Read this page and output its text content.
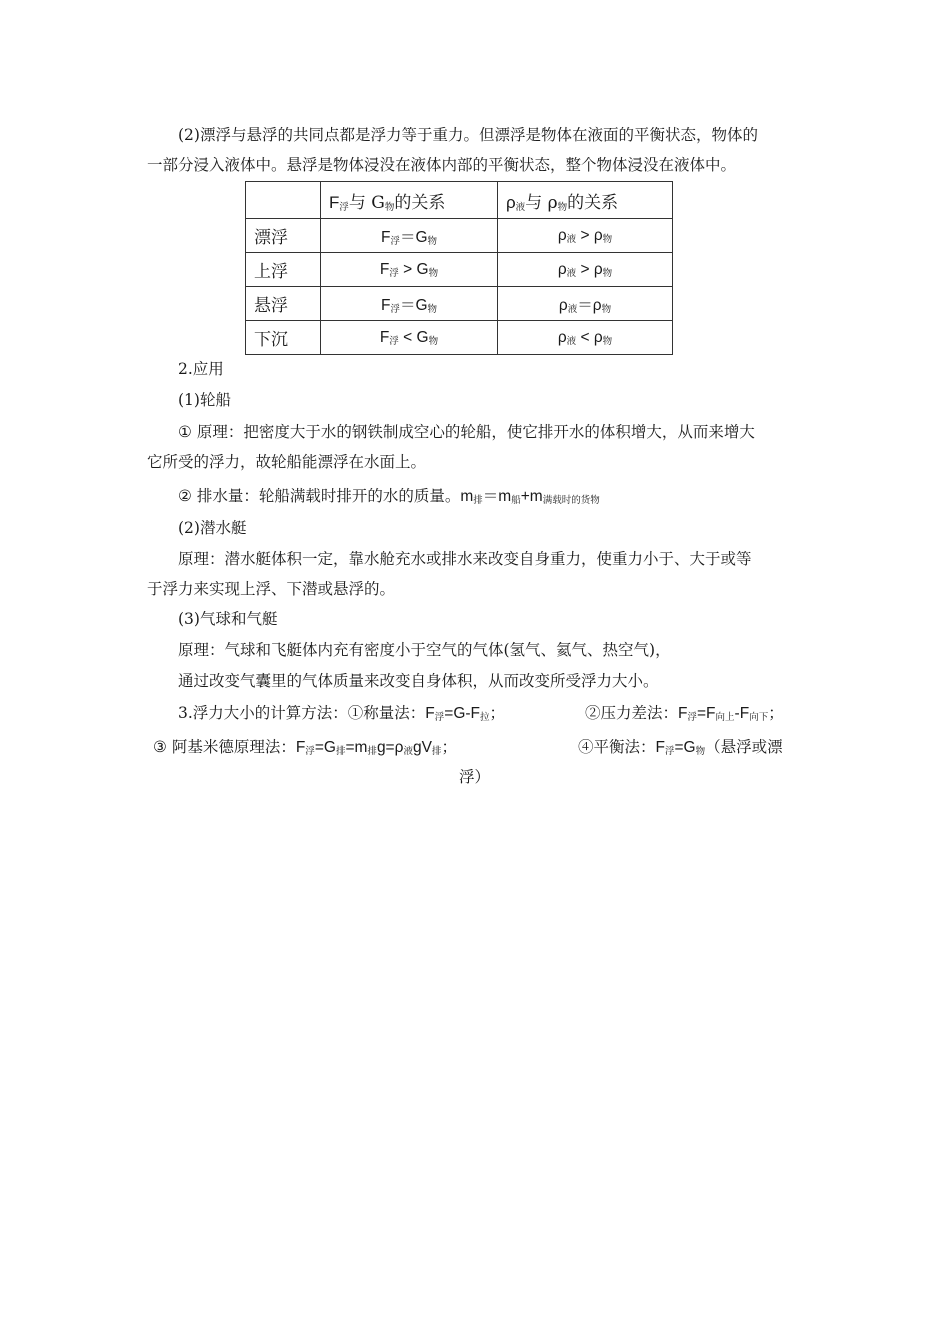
(2)漂浮与悬浮的共同点都是浮力等于重力。但漂浮是物体在液面的平衡状态，物体的
一部分浸入液体中。悬浮是物体浸没在液体内部的平衡状态，整个物体浸没在液体中。
	F浮与 G物的关系	ρ液与 ρ物的关系
漂浮	F浮＝G物	ρ液 > ρ物
上浮	F浮 > G物	ρ液 > ρ物
悬浮	F浮＝G物	ρ液＝ρ物
下沉	F浮 < G物	ρ液 < ρ物
2.应用
(1)轮船
① 原理：把密度大于水的钢铁制成空心的轮船，使它排开水的体积增大，从而来增大
它所受的浮力，故轮船能漂浮在水面上。
② 排水量：轮船满载时排开的水的质量。m排＝m船+m满载时的货物
(2)潜水艇
原理：潜水艇体积一定，靠水舱充水或排水来改变自身重力，使重力小于、大于或等
于浮力来实现上浮、下潜或悬浮的。
(3)气球和气艇
原理：气球和飞艇体内充有密度小于空气的气体(氢气、氦气、热空气)，
通过改变气囊里的气体质量来改变自身体积，从而改变所受浮力大小。
3.浮力大小的计算方法：①称量法：F浮=G-F拉；	②压力差法：F浮=F向上-F向下；
③ 阿基米德原理法：F浮=G排=m排g=ρ液gV排；	④平衡法：F浮=G物（悬浮或漂
浮）
